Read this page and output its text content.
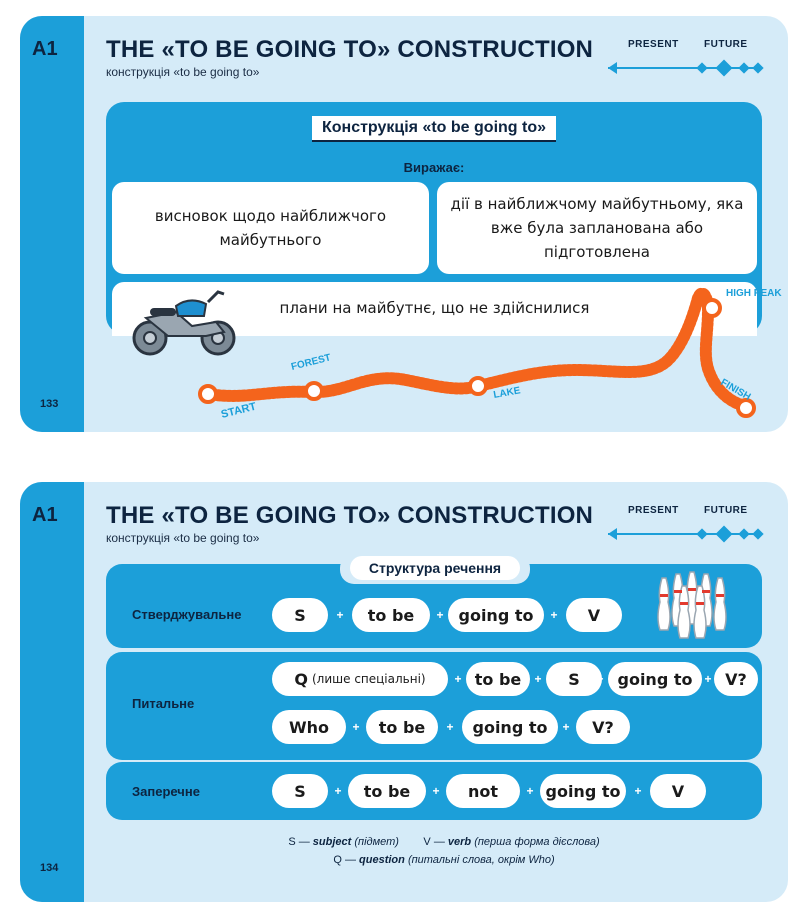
A1
133
THE «TO BE GOING TO» CONSTRUCTION
конструкція «to be going to»
PRESENT	FUTURE
Конструкція «to be going to»
Виражає:
висновок щодо найближчого майбутнього
дії в найближчому майбутньому, яка вже була запланована або підготовлена
плани на майбутнє, що не здійснилися
START
FOREST
LAKE
HIGH PEAK
FINISH
A1
134
THE «TO BE GOING TO» CONSTRUCTION
конструкція «to be going to»
PRESENT	FUTURE
Структура речення
Стверджувальне	S	+	to be	+ going to	+	V
Питальне
Q (лише спеціальні) + to be	+	S	+ going to	+ V?
Who	+	to be	+	going to	+	V?
Заперечне	S	+	to be	+	not	+ going to	+	V
S — subject (підмет) V — verb (перша форма дієслова)
Q — question (питальні слова, окрім Who)
